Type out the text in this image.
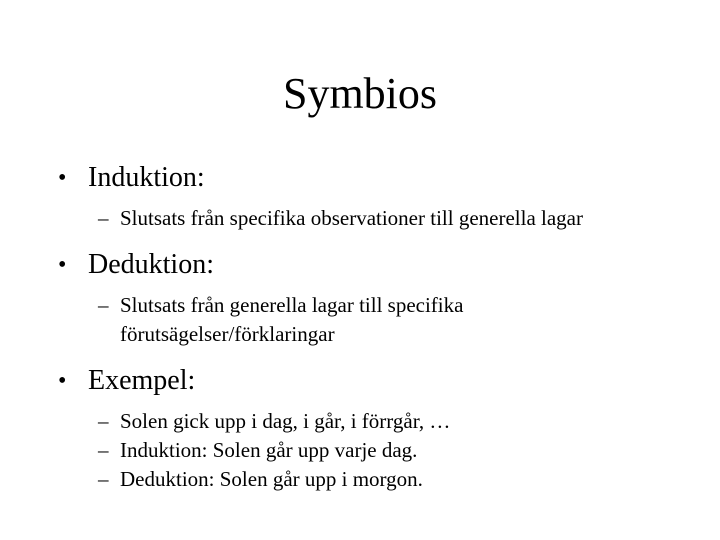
Symbios
• Induktion:
– Slutsats från specifika observationer till generella lagar
• Deduktion:
– Slutsats från generella lagar till specifika förutsägelser/förklaringar
• Exempel:
– Solen gick upp i dag, i går, i förrgår, …
– Induktion: Solen går upp varje dag.
– Deduktion: Solen går upp i morgon.
